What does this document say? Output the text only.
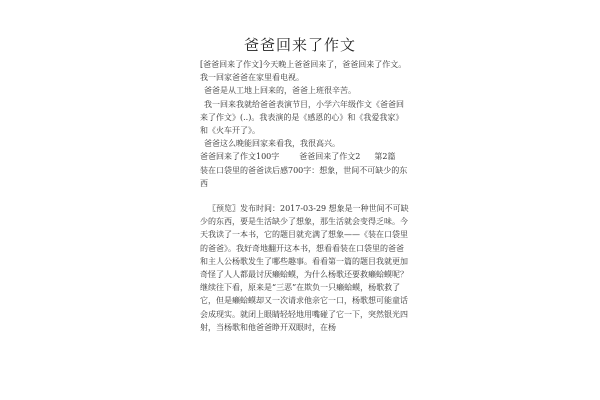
爸爸回来了作文

[爸爸回来了作文]今天晚上爸爸回来了，爸爸回来了作文。我一回家爸爸在家里看电视。

爸爸是从工地上回来的，爸爸上班很辛苦。

我一回来我就给爸爸表演节目，小学六年级作文《爸爸回来了作文》(..)。我表演的是《感恩的心》和《我爱我家》和《火车开了》。

爸爸这么晚能回家来看我，我很高兴。

爸爸回来了作文100字	爸爸回来了作文2 第2篇

装在口袋里的爸爸读后感700字：想象，世间不可缺少的东西

〖预览〗发布时间：2017-03-29 想象是一种世间不可缺少的东西，要是生活缺少了想象，那生活就会变得乏味。今天我读了一本书，它的题目就充满了想象——《装在口袋里的爸爸》。我好奇地翻开这本书，想看看装在口袋里的爸爸和主人公杨歌发生了哪些趣事。看看第一篇的题目我就更加奇怪了人人都最讨厌癞蛤蟆，为什么杨歌还要救癞蛤蟆呢？继续往下看，原来是“三恶”在欺负一只癞蛤蟆，杨歌救了它，但是癞蛤蟆却又一次请求他亲它一口，杨歌想可能童话会成现实。就闭上眼睛轻轻地用嘴碰了它一下，突然银光四射，当杨歌和他爸爸睁开双眼时，在杨
